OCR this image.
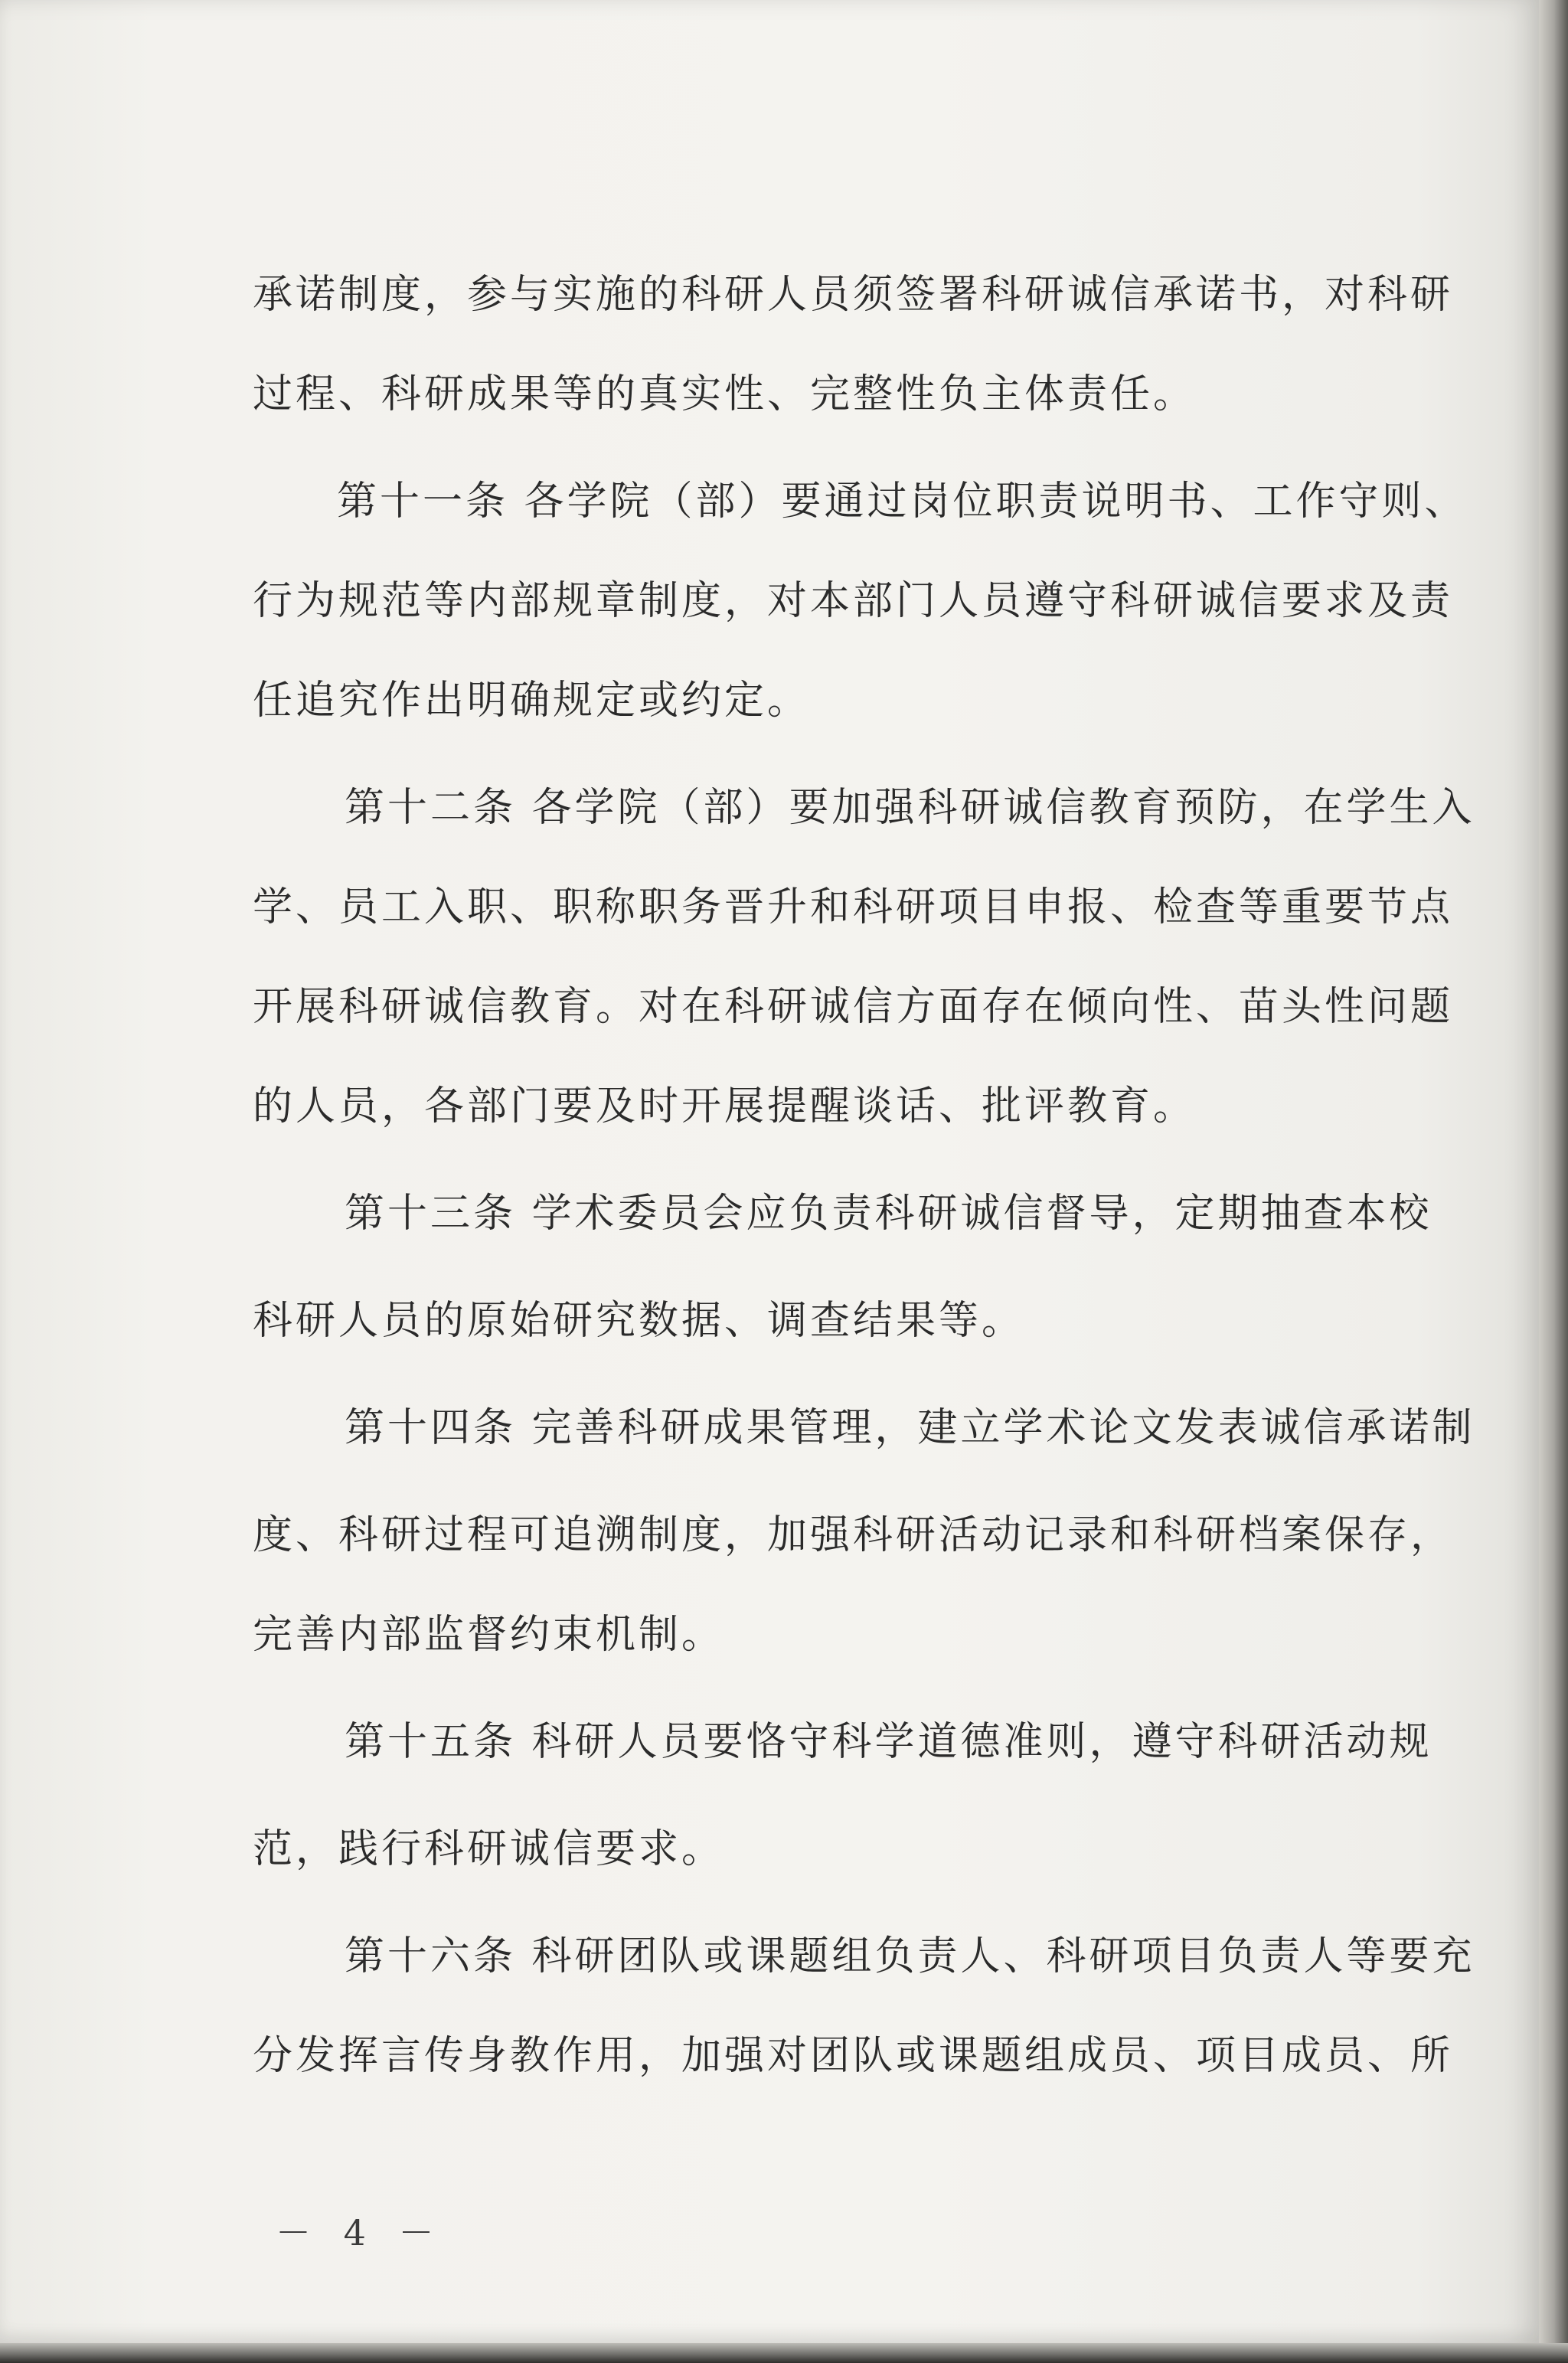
承诺制度，参与实施的科研人员须签署科研诚信承诺书，对科研
过程、科研成果等的真实性、完整性负主体责任。
第十一条 各学院（部）要通过岗位职责说明书、工作守则、
行为规范等内部规章制度，对本部门人员遵守科研诚信要求及责
任追究作出明确规定或约定。
第十二条 各学院（部）要加强科研诚信教育预防，在学生入
学、员工入职、职称职务晋升和科研项目申报、检查等重要节点
开展科研诚信教育。对在科研诚信方面存在倾向性、苗头性问题
的人员，各部门要及时开展提醒谈话、批评教育。
第十三条 学术委员会应负责科研诚信督导，定期抽查本校
科研人员的原始研究数据、调查结果等。
第十四条 完善科研成果管理，建立学术论文发表诚信承诺制
度、科研过程可追溯制度，加强科研活动记录和科研档案保存，
完善内部监督约束机制。
第十五条 科研人员要恪守科学道德准则，遵守科研活动规
范，践行科研诚信要求。
第十六条 科研团队或课题组负责人、科研项目负责人等要充
分发挥言传身教作用，加强对团队或课题组成员、项目成员、所
－ 4 －
